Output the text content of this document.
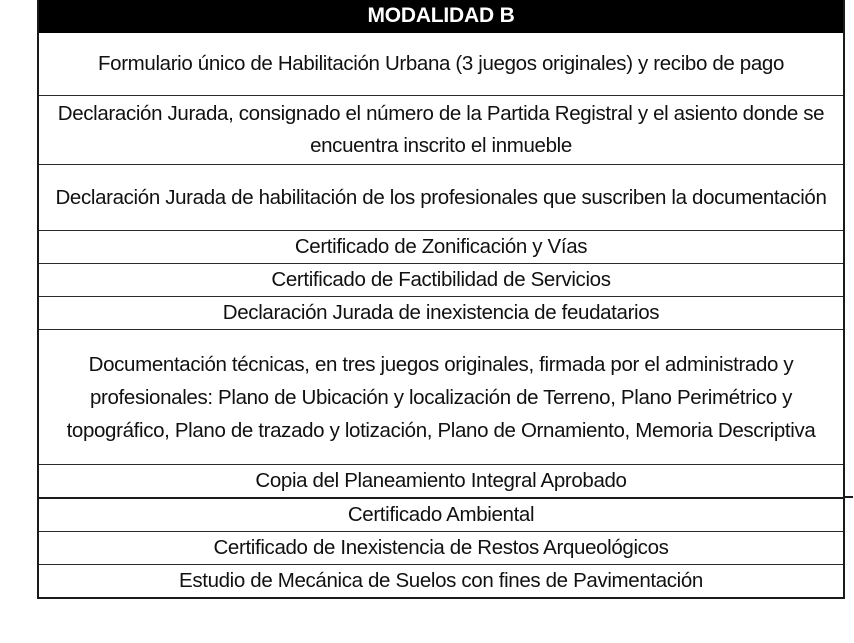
MODALIDAD B
Formulario único de Habilitación Urbana (3 juegos originales) y recibo de pago
Declaración Jurada, consignado el número de la Partida Registral y el asiento donde se encuentra inscrito el inmueble
Declaración Jurada de habilitación de los profesionales que suscriben la documentación
Certificado de Zonificación y Vías
Certificado de Factibilidad de Servicios
Declaración Jurada de inexistencia de feudatarios
Documentación técnicas, en tres juegos originales, firmada por el administrado y profesionales: Plano de Ubicación y localización de Terreno, Plano Perimétrico y topográfico, Plano de trazado y lotización, Plano de Ornamiento, Memoria Descriptiva
Copia del Planeamiento Integral Aprobado
Certificado Ambiental
Certificado de Inexistencia de Restos Arqueológicos
Estudio de Mecánica de Suelos con fines de Pavimentación
